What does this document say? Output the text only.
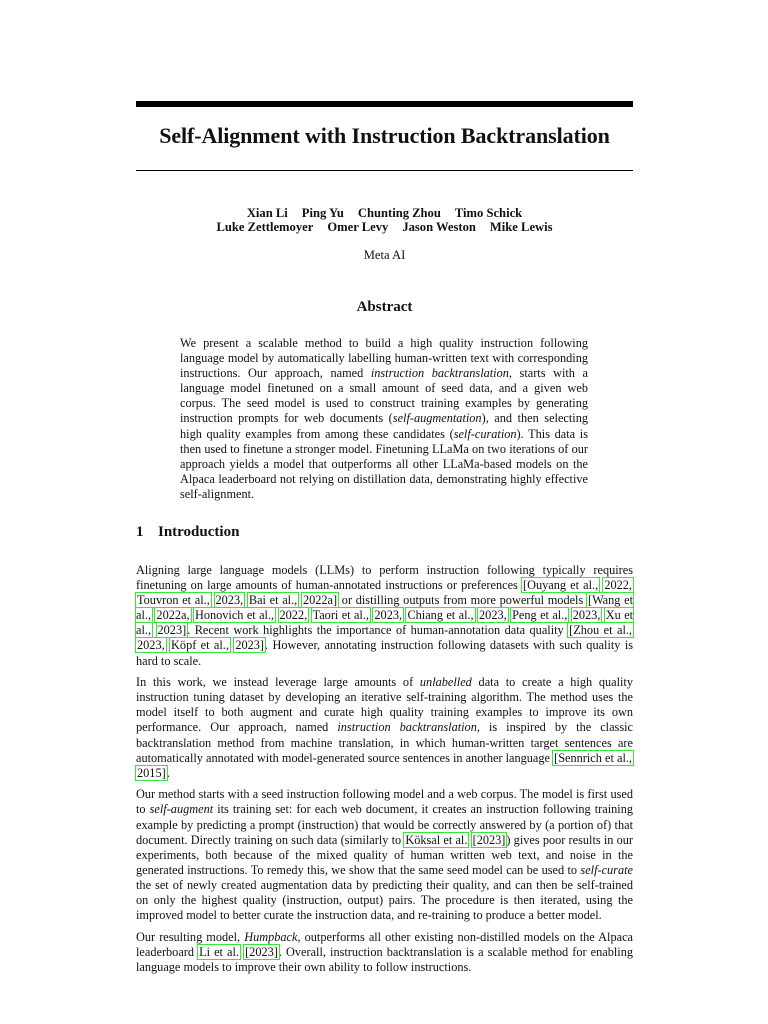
Self-Alignment with Instruction Backtranslation
Xian Li Ping Yu Chunting Zhou Timo Schick
Luke Zettlemoyer Omer Levy Jason Weston Mike Lewis
Meta AI
Abstract
We present a scalable method to build a high quality instruction following language model by automatically labelling human-written text with corresponding instructions. Our approach, named instruction backtranslation, starts with a language model finetuned on a small amount of seed data, and a given web corpus. The seed model is used to construct training examples by generating instruction prompts for web documents (self-augmentation), and then selecting high quality examples from among these candidates (self-curation). This data is then used to finetune a stronger model. Finetuning LLaMa on two iterations of our approach yields a model that outperforms all other LLaMa-based models on the Alpaca leaderboard not relying on distillation data, demonstrating highly effective self-alignment.
1 Introduction

Aligning large language models (LLMs) to perform instruction following typically requires finetuning on large amounts of human-annotated instructions or preferences [Ouyang et al., 2022, Touvron et al., 2023, Bai et al., 2022a] or distilling outputs from more powerful models [Wang et al., 2022a, Honovich et al., 2022, Taori et al., 2023, Chiang et al., 2023, Peng et al., 2023, Xu et al., 2023]. Recent work highlights the importance of human-annotation data quality [Zhou et al., 2023, Köpf et al., 2023]. However, annotating instruction following datasets with such quality is hard to scale.

In this work, we instead leverage large amounts of unlabelled data to create a high quality instruction tuning dataset by developing an iterative self-training algorithm. The method uses the model itself to both augment and curate high quality training examples to improve its own performance. Our approach, named instruction backtranslation, is inspired by the classic backtranslation method from machine translation, in which human-written target sentences are automatically annotated with model-generated source sentences in another language [Sennrich et al., 2015].

Our method starts with a seed instruction following model and a web corpus. The model is first used to self-augment its training set: for each web document, it creates an instruction following training example by predicting a prompt (instruction) that would be correctly answered by (a portion of) that document. Directly training on such data (similarly to Köksal et al. [2023]) gives poor results in our experiments, both because of the mixed quality of human written web text, and noise in the generated instructions. To remedy this, we show that the same seed model can be used to self-curate the set of newly created augmentation data by predicting their quality, and can then be self-trained on only the highest quality (instruction, output) pairs. The procedure is then iterated, using the improved model to better curate the instruction data, and re-training to produce a better model.

Our resulting model, Humpback, outperforms all other existing non-distilled models on the Alpaca leaderboard Li et al. [2023]. Overall, instruction backtranslation is a scalable method for enabling language models to improve their own ability to follow instructions.
